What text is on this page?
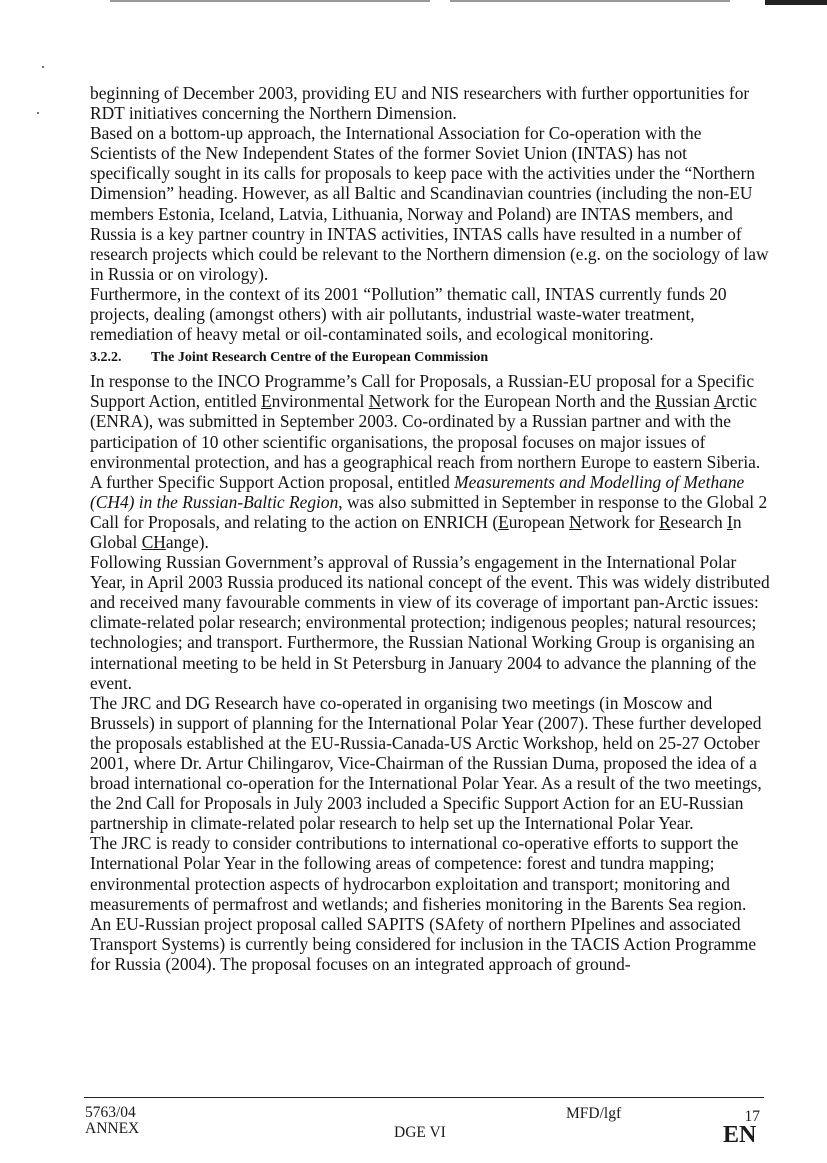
beginning of December 2003, providing EU and NIS researchers with further opportunities for RDT initiatives concerning the Northern Dimension.

Based on a bottom-up approach, the International Association for Co-operation with the Scientists of the New Independent States of the former Soviet Union (INTAS) has not specifically sought in its calls for proposals to keep pace with the activities under the “Northern Dimension” heading. However, as all Baltic and Scandinavian countries (including the non-EU members Estonia, Iceland, Latvia, Lithuania, Norway and Poland) are INTAS members, and Russia is a key partner country in INTAS activities, INTAS calls have resulted in a number of research projects which could be relevant to the Northern dimension (e.g. on the sociology of law in Russia or on virology).

Furthermore, in the context of its 2001 “Pollution” thematic call, INTAS currently funds 20 projects, dealing (amongst others) with air pollutants, industrial waste-water treatment, remediation of heavy metal or oil-contaminated soils, and ecological monitoring.

3.2.2. The Joint Research Centre of the European Commission

In response to the INCO Programme’s Call for Proposals, a Russian-EU proposal for a Specific Support Action, entitled Environmental Network for the European North and the Russian Arctic (ENRA), was submitted in September 2003. Co-ordinated by a Russian partner and with the participation of 10 other scientific organisations, the proposal focuses on major issues of environmental protection, and has a geographical reach from northern Europe to eastern Siberia.

A further Specific Support Action proposal, entitled Measurements and Modelling of Methane (CH4) in the Russian-Baltic Region, was also submitted in September in response to the Global 2 Call for Proposals, and relating to the action on ENRICH (European Network for Research In Global CHange).

Following Russian Government’s approval of Russia’s engagement in the International Polar Year, in April 2003 Russia produced its national concept of the event. This was widely distributed and received many favourable comments in view of its coverage of important pan-Arctic issues: climate-related polar research; environmental protection; indigenous peoples; natural resources; technologies; and transport. Furthermore, the Russian National Working Group is organising an international meeting to be held in St Petersburg in January 2004 to advance the planning of the event.

The JRC and DG Research have co-operated in organising two meetings (in Moscow and Brussels) in support of planning for the International Polar Year (2007). These further developed the proposals established at the EU-Russia-Canada-US Arctic Workshop, held on 25-27 October 2001, where Dr. Artur Chilingarov, Vice-Chairman of the Russian Duma, proposed the idea of a broad international co-operation for the International Polar Year. As a result of the two meetings, the 2nd Call for Proposals in July 2003 included a Specific Support Action for an EU-Russian partnership in climate-related polar research to help set up the International Polar Year.

The JRC is ready to consider contributions to international co-operative efforts to support the International Polar Year in the following areas of competence: forest and tundra mapping; environmental protection aspects of hydrocarbon exploitation and transport; monitoring and measurements of permafrost and wetlands; and fisheries monitoring in the Barents Sea region.

An EU-Russian project proposal called SAPITS (SAfety of northern PIpelines and associated Transport Systems) is currently being considered for inclusion in the TACIS Action Programme for Russia (2004). The proposal focuses on an integrated approach of ground-

5763/04
ANNEX	DGE VI
MFD/lgf	17
EN
